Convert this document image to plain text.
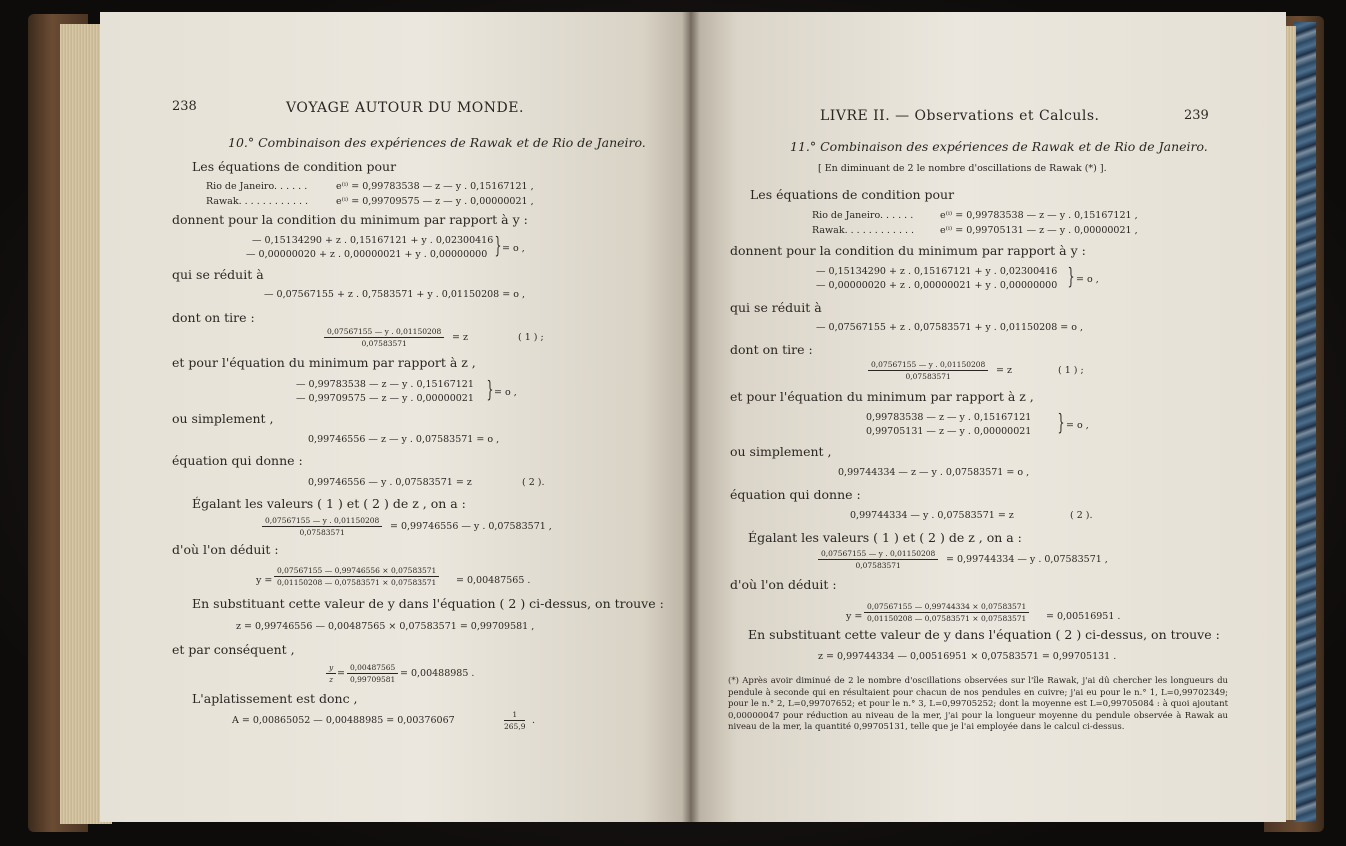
238	VOYAGE AUTOUR DU MONDE.
10.° Combinaison des expériences de Rawak et de Rio de Janeiro.
Les équations de condition pour
Rio de Janeiro. . . . . .	e⁽ⁱ⁾ = 0,99783538 — z — y . 0,15167121 ,
Rawak. . . . . . . . . . . .	e⁽ⁱ⁾ = 0,99709575 — z — y . 0,00000021 ,
donnent pour la condition du minimum par rapport à y :
— 0,15134290 + z . 0,15167121 + y . 0,02300416
— 0,00000020 + z . 0,00000021 + y . 0,00000000 } = o ,
qui se réduit à
— 0,07567155 + z . 0,7583571 + y . 0,01150208 = o ,
dont on tire :
$\frac{0,07567155 — y . 0,01150208}{0,07583571} = z$	( 1 ) ;
et pour l'équation du minimum par rapport à z ,
— 0,99783538 — z — y . 0,15167121
— 0,99709575 — z — y . 0,00000021 } = o ,
ou simplement ,
0,99746556 — z — y . 0,07583571 = o ,
équation qui donne :
0,99746556 — y . 0,07583571 = z	( 2 ).
Égalant les valeurs ( 1 ) et ( 2 ) de z , on a :
$\frac{0,07567155 — y . 0,01150208}{0,07583571} = 0,99746556$ — y . 0,07583571 ,
d'où l'on déduit :
$y = \frac{0,07567155 — 0,99746556 \times 0,07583571}{0,01150208 — 0,07583571 \times 0,07583571} = 0,00487565$ .
En substituant cette valeur de y dans l'équation ( 2 ) ci-dessus, on trouve :
z = 0,99746556 — 0,00487565 × 0,07583571 = 0,99709581 ,
et par conséquent ,
$\frac{y}{z} = \frac{0,00487565}{0,99709581} = 0,00488985$ .
L'aplatissement est donc ,
A = 0,00865052 — 0,00488985 = 0,00376067	$\frac{1}{265,9}$ .
LIVRE II. — Observations et Calculs.	239
11.° Combinaison des expériences de Rawak et de Rio de Janeiro.
[ En diminuant de 2 le nombre d'oscillations de Rawak (*) ].
Les équations de condition pour
Rio de Janeiro. . . . . .	e⁽ⁱ⁾ = 0,99783538 — z — y . 0,15167121 ,
Rawak. . . . . . . . . . . .	e⁽ⁱ⁾ = 0,99705131 — z — y . 0,00000021 ,
donnent pour la condition du minimum par rapport à y :
— 0,15134290 + z . 0,15167121 + y . 0,02300416
— 0,00000020 + z . 0,00000021 + y . 0,00000000 } = o ,
qui se réduit à
— 0,07567155 + z . 0,07583571 + y . 0,01150208 = o ,
dont on tire :
$\frac{0,07567155 — y . 0,01150208}{0,07583571} = z$	( 1 ) ;
et pour l'équation du minimum par rapport à z ,
0,99783538 — z — y . 0,15167121
0,99705131 — z — y . 0,00000021 } = o ,
ou simplement ,
0,99744334 — z — y . 0,07583571 = o ,
équation qui donne :
0,99744334 — y . 0,07583571 = z	( 2 ).
Égalant les valeurs ( 1 ) et ( 2 ) de z , on a :
$\frac{0,07567155 — y . 0,01150208}{0,07583571} = 0,99744334$ — y . 0,07583571 ,
d'où l'on déduit :
$y = \frac{0,07567155 — 0,99744334 \times 0,07583571}{0,01150208 — 0,07583571 \times 0,07583571} = 0,00516951$ .
En substituant cette valeur de y dans l'équation ( 2 ) ci-dessus, on trouve :
z = 0,99744334 — 0,00516951 × 0,07583571 = 0,99705131 .
(*) Après avoir diminué de 2 le nombre d'oscillations observées sur l'île Rawak, j'ai dû chercher les longueurs du pendule à seconde qui en résultaient pour chacun de nos pendules en cuivre; j'ai eu pour le n.° 1, L=0,99702349; pour le n.° 2, L=0,99707652; et pour le n.° 3, L=0,99705252; dont la moyenne est L=0,99705084 : à quoi ajoutant 0,00000047 pour réduction au niveau de la mer, j'ai pour la longueur moyenne du pendule observée à Rawak au niveau de la mer, la quantité 0,99705131, telle que je l'ai employée dans le calcul ci-dessus.
